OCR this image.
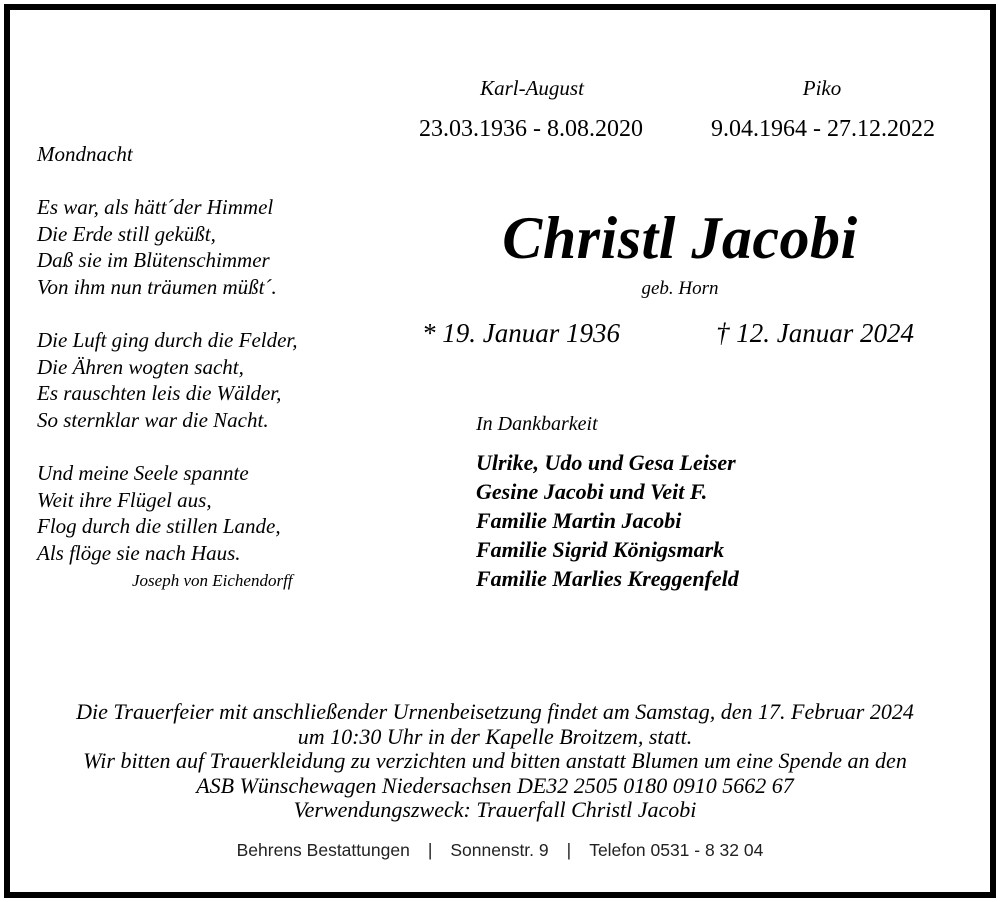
Karl-August
23.03.1936 - 8.08.2020
Piko
9.04.1964 - 27.12.2022
Mondnacht
Es war, als hätt´der Himmel
Die Erde still geküßt,
Daß sie im Blütenschimmer
Von ihm nun träumen müßt´.
Die Luft ging durch die Felder,
Die Ähren wogten sacht,
Es rauschten leis die Wälder,
So sternklar war die Nacht.
Und meine Seele spannte
Weit ihre Flügel aus,
Flog durch die stillen Lande,
Als flöge sie nach Haus.
Joseph von Eichendorff
Christl Jacobi
geb. Horn
* 19. Januar 1936	† 12. Januar 2024
In Dankbarkeit
Ulrike, Udo und Gesa Leiser
Gesine Jacobi und Veit F.
Familie Martin Jacobi
Familie Sigrid Königsmark
Familie Marlies Kreggenfeld
Die Trauerfeier mit anschließender Urnenbeisetzung findet am Samstag, den 17. Februar 2024
um 10:30 Uhr in der Kapelle Broitzem, statt.
Wir bitten auf Trauerkleidung zu verzichten und bitten anstatt Blumen um eine Spende an den
ASB Wünschewagen Niedersachsen DE32 2505 0180 0910 5662 67
Verwendungszweck: Trauerfall Christl Jacobi
Behrens Bestattungen | Sonnenstr. 9 | Telefon 0531 - 8 32 04
